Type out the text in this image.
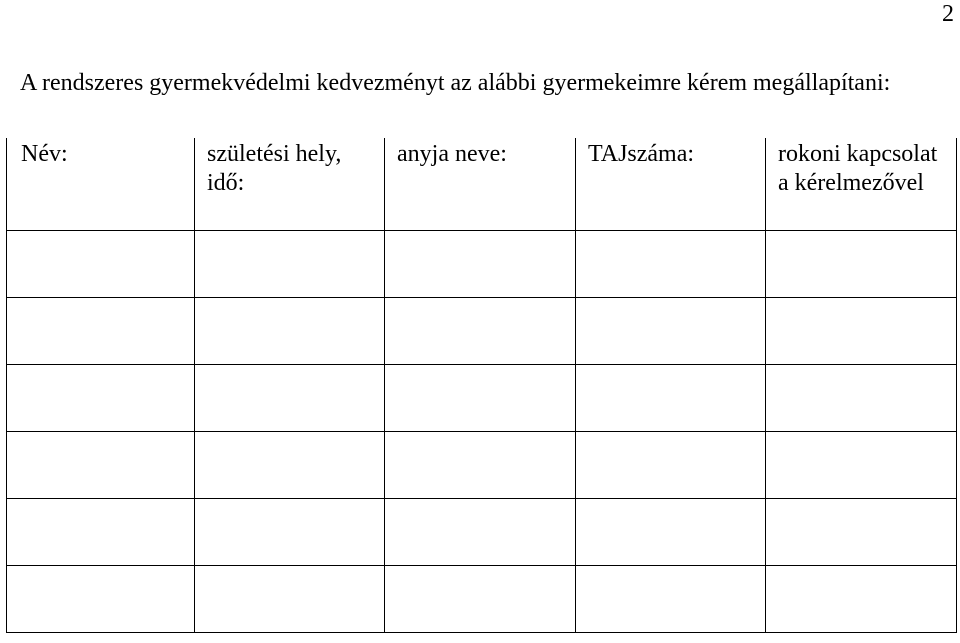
2
A rendszeres gyermekvédelmi kedvezményt az alábbi gyermekeimre kérem megállapítani:
Név:	születési hely, idő:	anyja neve:	TAJszáma:	rokoni kapcsolat a kérelmezővel
